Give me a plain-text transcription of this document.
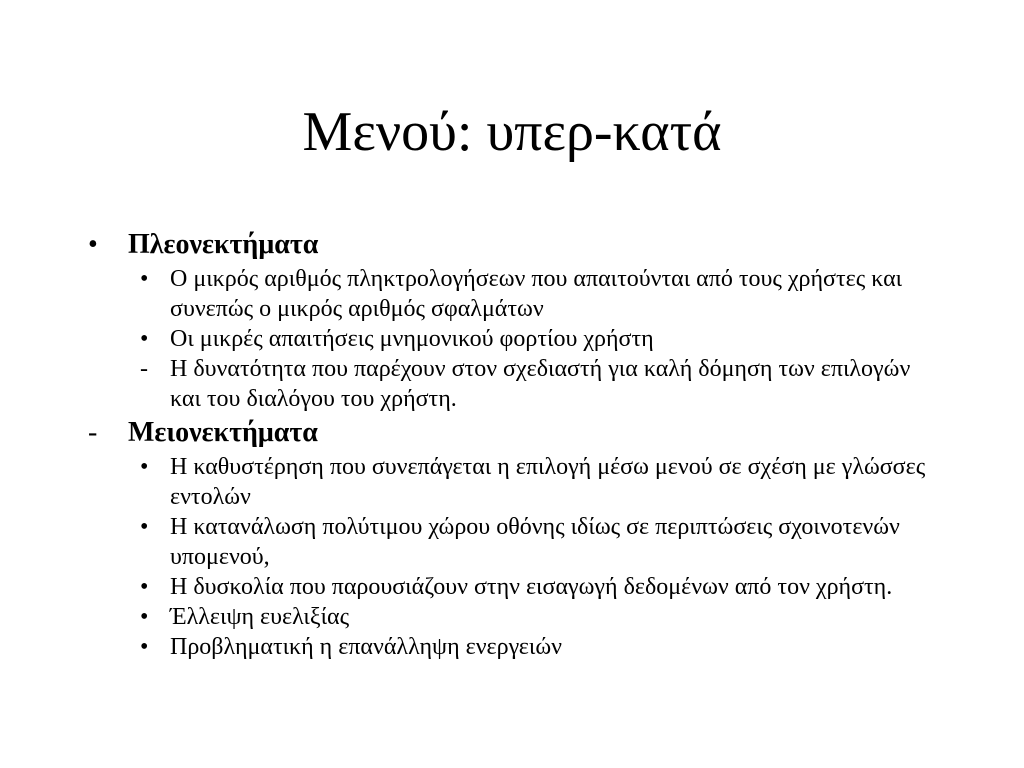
Μενού: υπερ-κατά
•	Πλεονεκτήματα
• Ο μικρός αριθμός πληκτρολογήσεων που απαιτούνται από τους χρήστες και συνεπώς ο μικρός αριθμός σφαλμάτων
• Οι μικρές απαιτήσεις μνημονικού φορτίου χρήστη
- Η δυνατότητα που παρέχουν στον σχεδιαστή για καλή δόμηση των επιλογών και του διαλόγου του χρήστη.
-	Μειονεκτήματα
• Η καθυστέρηση που συνεπάγεται η επιλογή μέσω μενού σε σχέση με γλώσσες εντολών
• Η κατανάλωση πολύτιμου χώρου οθόνης ιδίως σε περιπτώσεις σχοινοτενών υπομενού,
• Η δυσκολία που παρουσιάζουν στην εισαγωγή δεδομένων από τον χρήστη.
• Έλλειψη ευελιξίας
• Προβληματική η επανάλληψη ενεργειών
